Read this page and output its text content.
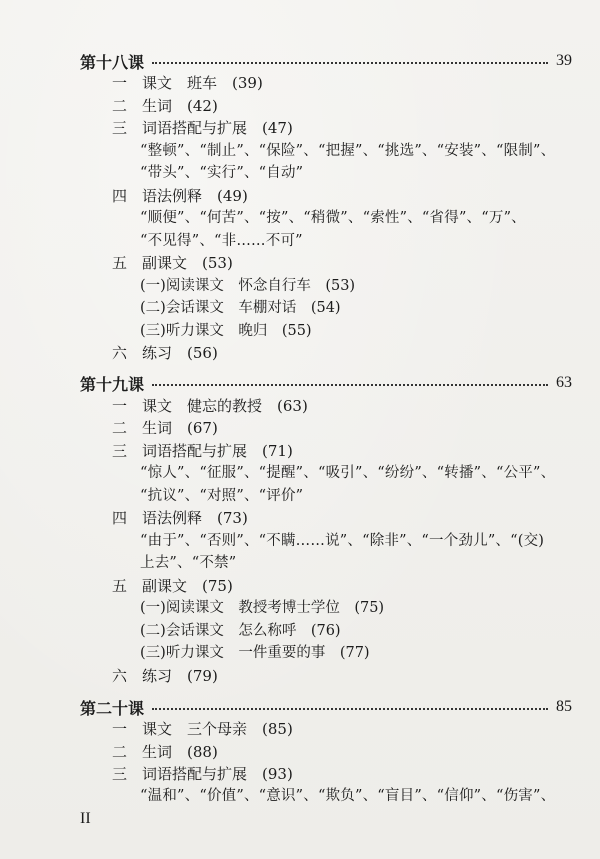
第十八课	39
一 课文　班车　(39)
二 生词　(42)
三 词语搭配与扩展　(47)
“整顿”、“制止”、“保险”、“把握”、“挑选”、“安装”、“限制”、
“带头”、“实行”、“自动”
四 语法例释　(49)
“顺便”、“何苦”、“按”、“稍微”、“索性”、“省得”、“万”、
“不见得”、“非……不可”
五 副课文　(53)
(一)阅读课文　怀念自行车　(53)
(二)会话课文　车棚对话　(54)
(三)听力课文　晚归　(55)
六 练习　(56)
第十九课	63
一 课文　健忘的教授　(63)
二 生词　(67)
三 词语搭配与扩展　(71)
“惊人”、“征服”、“提醒”、“吸引”、“纷纷”、“转播”、“公平”、
“抗议”、“对照”、“评价”
四 语法例释　(73)
“由于”、“否则”、“不瞒……说”、“除非”、“一个劲儿”、“(交)
上去”、“不禁”
五 副课文　(75)
(一)阅读课文　教授考博士学位　(75)
(二)会话课文　怎么称呼　(76)
(三)听力课文　一件重要的事　(77)
六 练习　(79)
第二十课	85
一 课文　三个母亲　(85)
二 生词　(88)
三 词语搭配与扩展　(93)
“温和”、“价值”、“意识”、“欺负”、“盲目”、“信仰”、“伤害”、
II
